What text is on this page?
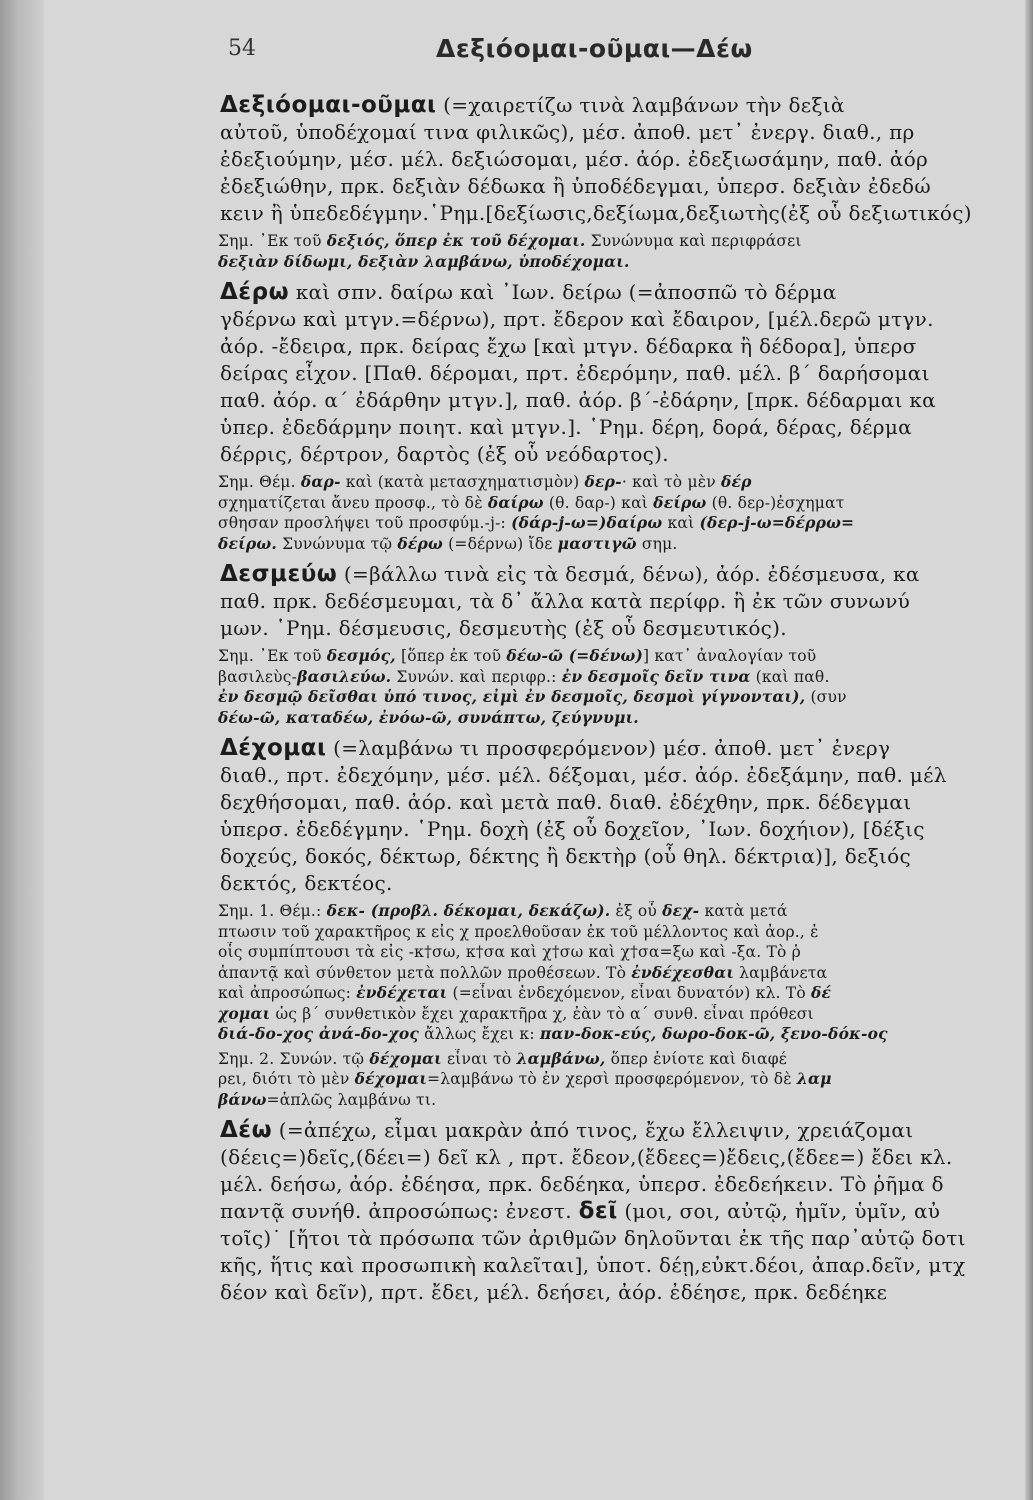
54	Δεξιόομαι-οῦμαι—Δέω
Δεξιόομαι-οῦμαι (=χαιρετίζω τινὰ λαμβάνων τὴν δεξιὰ
αὐτοῦ, ὑποδέχομαί τινα φιλικῶς), μέσ. ἀποθ. μετ᾽ ἐνεργ. διαθ., πρ
ἐδεξιούμην, μέσ. μέλ. δεξιώσομαι, μέσ. ἀόρ. ἐδεξιωσάμην, παθ. ἀόρ
ἐδεξιώθην, πρκ. δεξιὰν δέδωκα ἢ ὑποδέδεγμαι, ὑπερσ. δεξιὰν ἐδεδώ
κειν ἢ ὑπεδεδέγμην.῾Ρημ.[δεξίωσις,δεξίωμα,δεξιωτὴς(ἐξ οὗ δεξιωτικός)
Σημ. ᾿Εκ τοῦ δεξιός, ὅπερ ἐκ τοῦ δέχομαι. Συνώνυμα καὶ περιφράσει
δεξιὰν δίδωμι, δεξιὰν λαμβάνω, ὑποδέχομαι.
Δέρω καὶ σπν. δαίρω καὶ ᾿Ιων. δείρω (=ἀποσπῶ τὸ δέρμα
γδέρνω καὶ μτγν.=δέρνω), πρτ. ἔδερον καὶ ἔδαιρον, [μέλ.δερῶ μτγν.
ἀόρ. -ἔδειρα, πρκ. δείρας ἔχω [καὶ μτγν. δέδαρκα ἢ δέδορα], ὑπερσ
δείρας εἶχον. [Παθ. δέρομαι, πρτ. ἐδερόμην, παθ. μέλ. β΄ δαρήσομαι
παθ. ἀόρ. α΄ ἐδάρθην μτγν.], παθ. ἀόρ. β΄-ἐδάρην, [πρκ. δέδαρμαι κα
ὑπερ. ἐδεδάρμην ποιητ. καὶ μτγν.]. ῾Ρημ. δέρη, δορά, δέρας, δέρμα
δέρρις, δέρτρον, δαρτὸς (ἐξ οὗ νεόδαρτος).
Σημ. Θέμ. δαρ- καὶ (κατὰ μετασχηματισμὸν) δερ-· καὶ τὸ μὲν δέρ
σχηματίζεται ἄνευ προσφ., τὸ δὲ δαίρω (θ. δαρ-) καὶ δείρω (θ. δερ-)ἐσχηματ
σθησαν προσλήψει τοῦ προσφύμ.-j-: (δάρ-j-ω=)δαίρω καὶ (δερ-j-ω=δέρρω=
δείρω. Συνώνυμα τῷ δέρω (=δέρνω) ἴδε μαστιγῶ σημ.
Δεσμεύω (=βάλλω τινὰ εἰς τὰ δεσμά, δένω), ἀόρ. ἐδέσμευσα, κα
παθ. πρκ. δεδέσμευμαι, τὰ δ᾽ ἄλλα κατὰ περίφρ. ἢ ἐκ τῶν συνωνύ
μων. ῾Ρημ. δέσμευσις, δεσμευτὴς (ἐξ οὗ δεσμευτικός).
Σημ. ᾿Εκ τοῦ δεσμός, [ὅπερ ἐκ τοῦ δέω-ῶ (=δένω)] κατ᾽ ἀναλογίαν τοῦ
βασιλεὺς-βασιλεύω. Συνών. καὶ περιφρ.: ἐν δεσμοῖς δεῖν τινα (καὶ παθ.
ἐν δεσμῷ δεῖσθαι ὑπό τινος, εἰμὶ ἐν δεσμοῖς, δεσμοὶ γίγνονται), (συν
δέω-ῶ, καταδέω, ἐνόω-ῶ, συνάπτω, ζεύγνυμι.
Δέχομαι (=λαμβάνω τι προσφερόμενον) μέσ. ἀποθ. μετ᾽ ἐνεργ
διαθ., πρτ. ἐδεχόμην, μέσ. μέλ. δέξομαι, μέσ. ἀόρ. ἐδεξάμην, παθ. μέλ
δεχθήσομαι, παθ. ἀόρ. καὶ μετὰ παθ. διαθ. ἐδέχθην, πρκ. δέδεγμαι
ὑπερσ. ἐδεδέγμην. ῾Ρημ. δοχὴ (ἐξ οὗ δοχεῖον, ᾿Ιων. δοχήιον), [δέξις
δοχεύς, δοκός, δέκτωρ, δέκτης ἢ δεκτὴρ (οὗ θηλ. δέκτρια)], δεξιός
δεκτός, δεκτέος.
Σημ. 1. Θέμ.: δεκ- (προβλ. δέκομαι, δεκάζω). ἐξ οὗ δεχ- κατὰ μετά
πτωσιν τοῦ χαρακτῆρος κ εἰς χ προελθοῦσαν ἐκ τοῦ μέλλοντος καὶ ἀορ., ἐ
οἷς συμπίπτουσι τὰ εἰς -κ†σω, κ†σα καὶ χ†σω καὶ χ†σα=ξω καὶ -ξα. Τὸ ῥ
ἁπαντᾷ καὶ σύνθετον μετὰ πολλῶν προθέσεων. Τὸ ἐνδέχεσθαι λαμβάνετα
καὶ ἀπροσώπως: ἐνδέχεται (=εἶναι ἐνδεχόμενον, εἶναι δυνατόν) κλ. Τὸ δέ
χομαι ὡς β΄ συνθετικὸν ἔχει χαρακτῆρα χ, ἐὰν τὸ α΄ συνθ. εἶναι πρόθεσι
διά-δο-χος ἀνά-δο-χος ἄλλως ἔχει κ: παν-δοκ-εύς, δωρο-δοκ-ῶ, ξενο-δόκ-ος
Σημ. 2. Συνών. τῷ δέχομαι εἶναι τὸ λαμβάνω, ὅπερ ἐνίοτε καὶ διαφέ
ρει, διότι τὸ μὲν δέχομαι=λαμβάνω τὸ ἐν χερσὶ προσφερόμενον, τὸ δὲ λαμ
βάνω=ἁπλῶς λαμβάνω τι.
Δέω (=ἀπέχω, εἶμαι μακρὰν ἀπό τινος, ἔχω ἔλλειψιν, χρειάζομαι
(δέεις=)δεῖς,(δέει=) δεῖ κλ , πρτ. ἔδεον,(ἔδεες=)ἔδεις,(ἔδεε=) ἔδει κλ.
μέλ. δεήσω, ἀόρ. ἐδέησα, πρκ. δεδέηκα, ὑπερσ. ἐδεδεήκειν. Τὸ ῥῆμα δ
παντᾷ συνήθ. ἀπροσώπως: ἐνεστ. δεῖ (μοι, σοι, αὐτῷ, ἡμῖν, ὑμῖν, αὐ
τοῖς)˙ [ἤτοι τὰ πρόσωπα τῶν ἀριθμῶν δηλοῦνται ἐκ τῆς παρ᾽αὐτῷ δοτι
κῆς, ἥτις καὶ προσωπικὴ καλεῖται], ὑποτ. δέῃ,εὐκτ.δέοι, ἀπαρ.δεῖν, μτχ
δέον καὶ δεῖν), πρτ. ἔδει, μέλ. δεήσει, ἀόρ. ἐδέησε, πρκ. δεδέηκε
